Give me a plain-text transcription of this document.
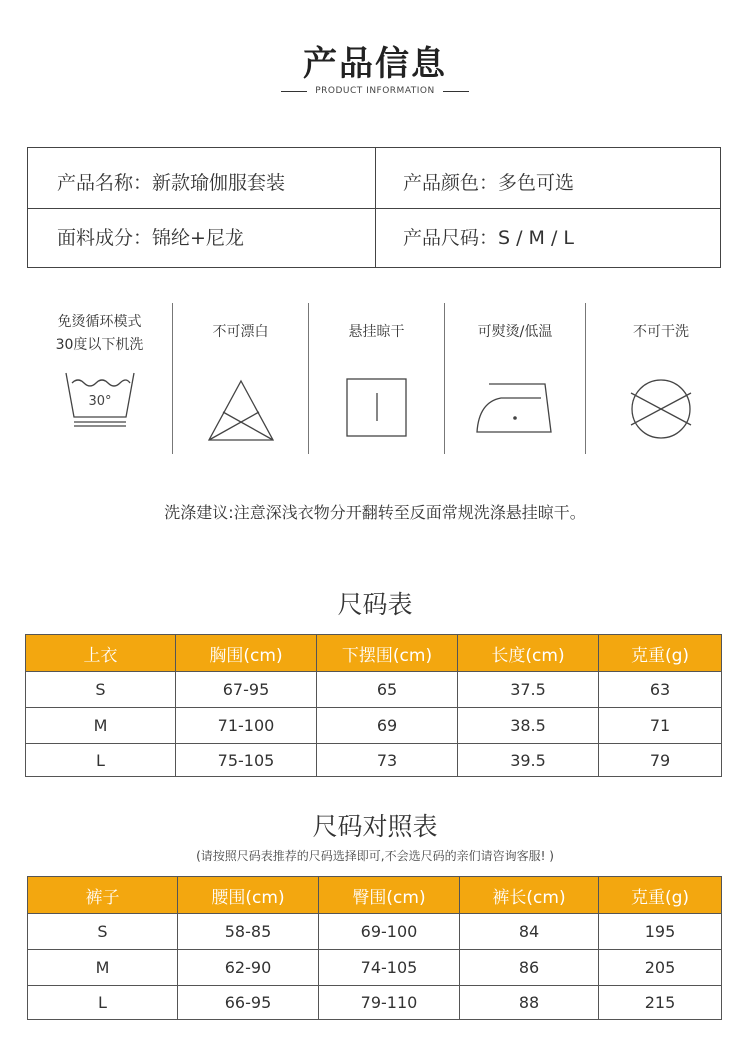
产品信息
PRODUCT INFORMATION
产品名称：新款瑜伽服套装	产品颜色：多色可选
面料成分：锦纶+尼龙	产品尺码：S / M / L
免烫循环模式
30度以下机洗
30°
不可漂白	悬挂晾干	可熨烫/低温	不可干洗
洗涤建议:注意深浅衣物分开翻转至反面常规洗涤悬挂晾干。
尺码表
上衣	胸围(cm)	下摆围(cm)	长度(cm)	克重(g)
S	67-95	65	37.5	63
M	71-100	69	38.5	71
L	75-105	73	39.5	79
尺码对照表
(请按照尺码表推荐的尺码选择即可,不会选尺码的亲们请咨询客服! )
裤子	腰围(cm)	臀围(cm)	裤长(cm)	克重(g)
S	58-85	69-100	84	195
M	62-90	74-105	86	205
L	66-95	79-110	88	215
